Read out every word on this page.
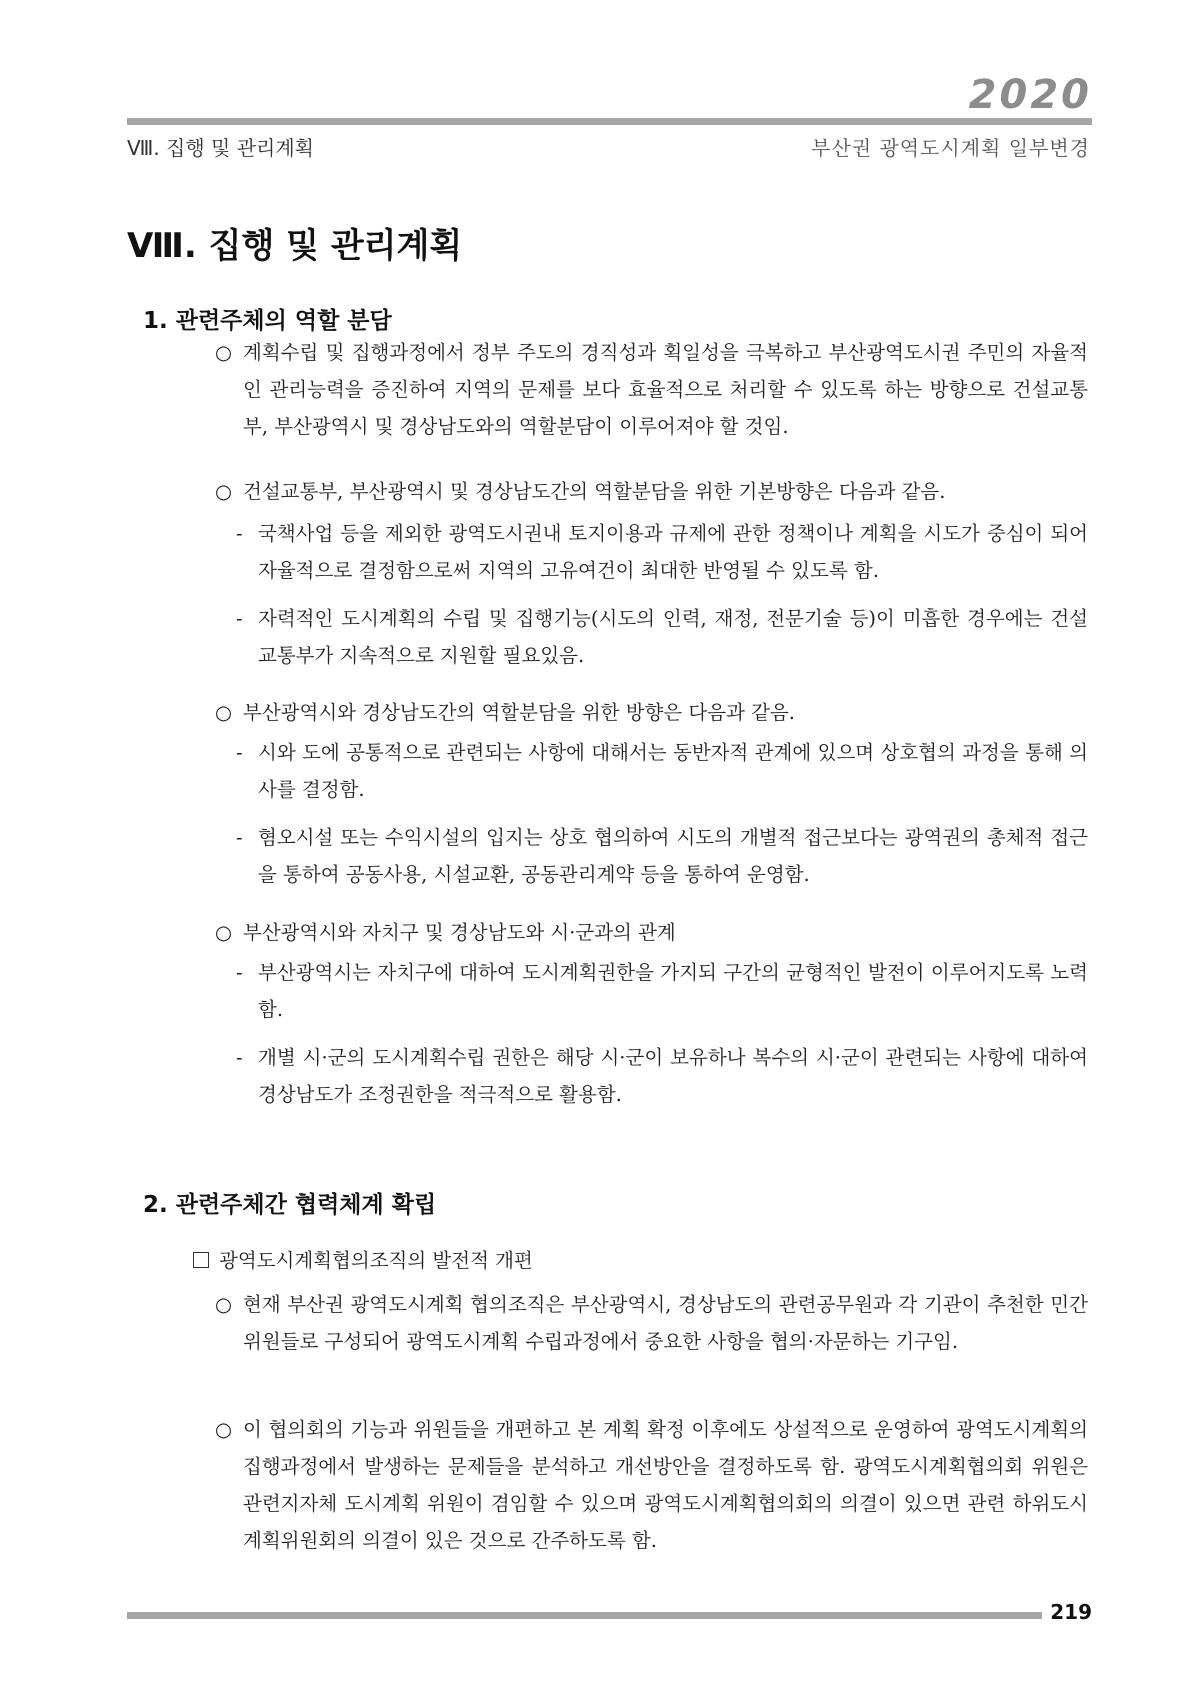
2020
Ⅷ. 집행 및 관리계획	부산권 광역도시계획 일부변경
Ⅷ. 집행 및 관리계획
1. 관련주체의 역할 분담
○ 계획수립 및 집행과정에서 정부 주도의 경직성과 획일성을 극복하고 부산광역도시권 주민의 자율적인 관리능력을 증진하여 지역의 문제를 보다 효율적으로 처리할 수 있도록 하는 방향으로 건설교통부, 부산광역시 및 경상남도와의 역할분담이 이루어져야 할 것임.
○ 건설교통부, 부산광역시 및 경상남도간의 역할분담을 위한 기본방향은 다음과 같음.
- 국책사업 등을 제외한 광역도시권내 토지이용과 규제에 관한 정책이나 계획을 시도가 중심이 되어 자율적으로 결정함으로써 지역의 고유여건이 최대한 반영될 수 있도록 함.
- 자력적인 도시계획의 수립 및 집행기능(시도의 인력, 재정, 전문기술 등)이 미흡한 경우에는 건설교통부가 지속적으로 지원할 필요있음.
○ 부산광역시와 경상남도간의 역할분담을 위한 방향은 다음과 같음.
- 시와 도에 공통적으로 관련되는 사항에 대해서는 동반자적 관계에 있으며 상호협의 과정을 통해 의사를 결정함.
- 혐오시설 또는 수익시설의 입지는 상호 협의하여 시도의 개별적 접근보다는 광역권의 총체적 접근을 통하여 공동사용, 시설교환, 공동관리계약 등을 통하여 운영함.
○ 부산광역시와 자치구 및 경상남도와 시·군과의 관계
- 부산광역시는 자치구에 대하여 도시계획권한을 가지되 구간의 균형적인 발전이 이루어지도록 노력함.
- 개별 시·군의 도시계획수립 권한은 해당 시·군이 보유하나 복수의 시·군이 관련되는 사항에 대하여 경상남도가 조정권한을 적극적으로 활용함.
2. 관련주체간 협력체계 확립
광역도시계획협의조직의 발전적 개편
○ 현재 부산권 광역도시계획 협의조직은 부산광역시, 경상남도의 관련공무원과 각 기관이 추천한 민간위원들로 구성되어 광역도시계획 수립과정에서 중요한 사항을 협의·자문하는 기구임.
○ 이 협의회의 기능과 위원들을 개편하고 본 계획 확정 이후에도 상설적으로 운영하여 광역도시계획의 집행과정에서 발생하는 문제들을 분석하고 개선방안을 결정하도록 함. 광역도시계획협의회 위원은 관련지자체 도시계획 위원이 겸임할 수 있으며 광역도시계획협의회의 의결이 있으면 관련 하위도시계획위원회의 의결이 있은 것으로 간주하도록 함.
219
